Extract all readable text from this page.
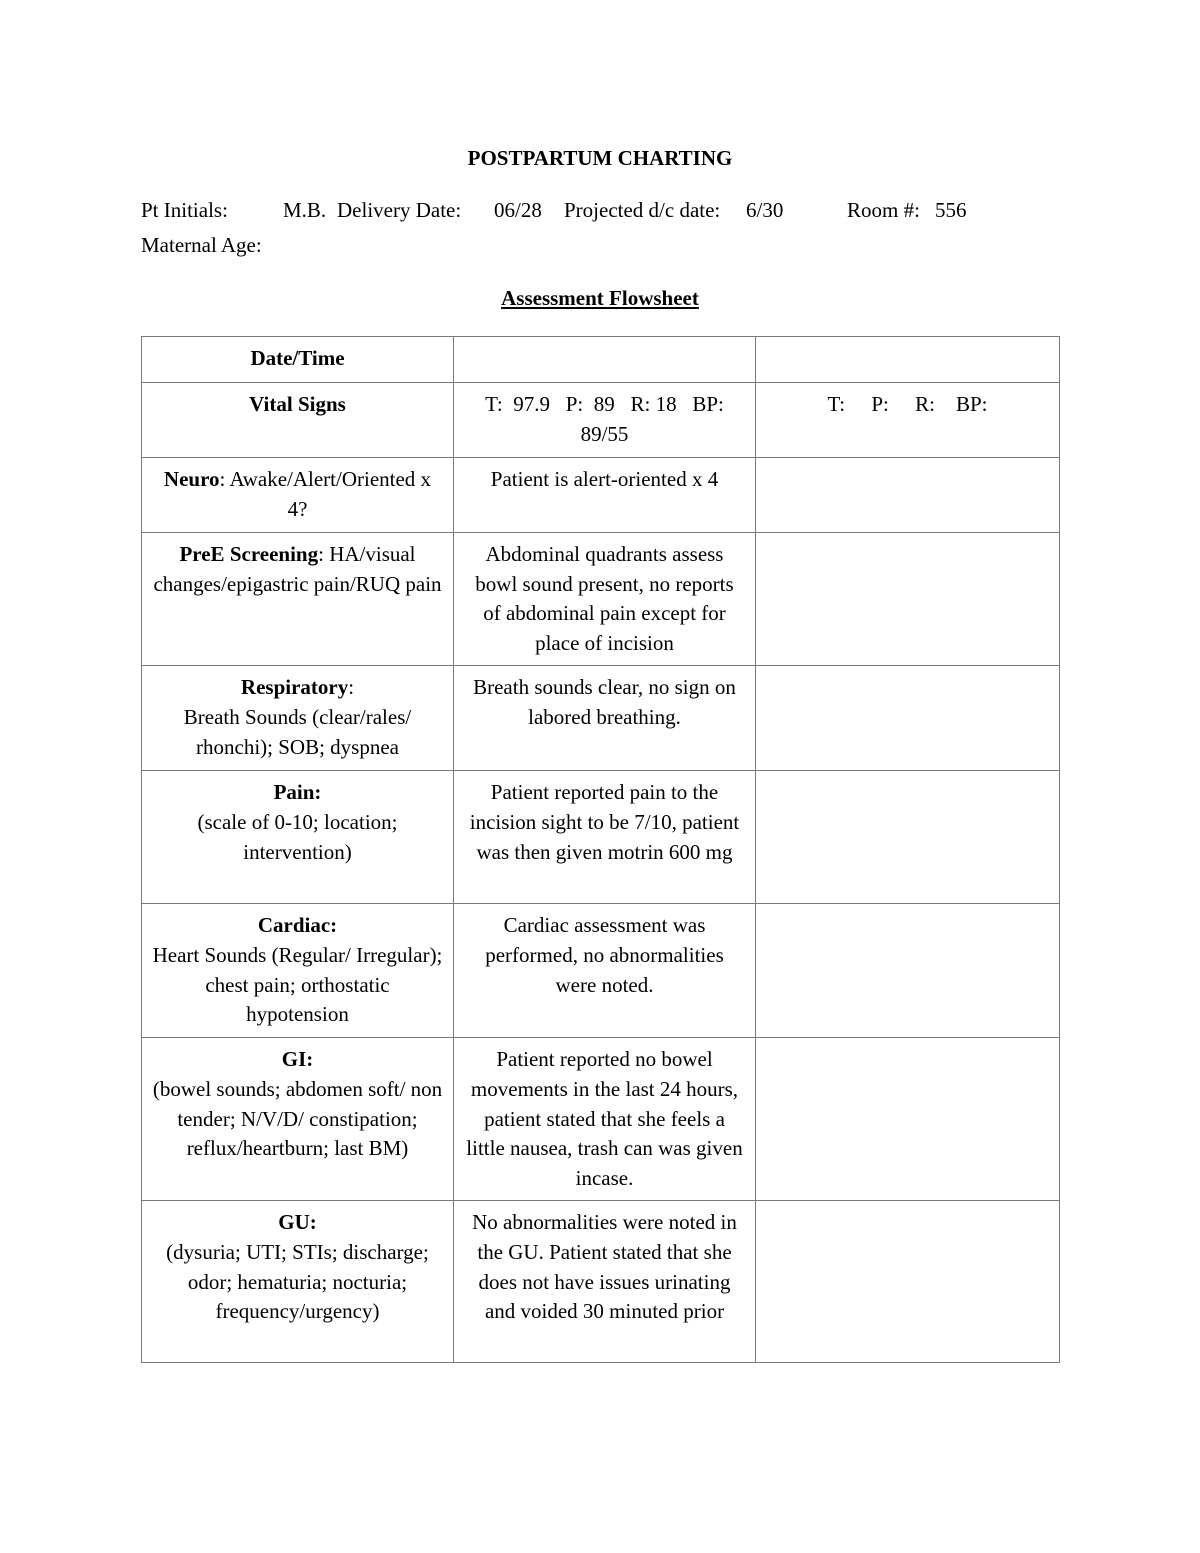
POSTPARTUM CHARTING
Pt Initials:	M.B. Delivery Date: 06/28 Projected d/c date: 6/30	Room #: 556
Maternal Age:
Assessment Flowsheet
Date/Time		
Vital Signs	T:  97.9   P:  89   R: 18   BP: 89/55	T:     P:     R:    BP:
Neuro: Awake/Alert/Oriented x 4?	Patient is alert-oriented x 4	
PreE Screening: HA/visual changes/epigastric pain/RUQ pain	Abdominal quadrants assess bowl sound present, no reports of abdominal pain except for place of incision	
Respiratory:
Breath Sounds (clear/rales/ rhonchi); SOB; dyspnea	Breath sounds clear, no sign on labored breathing.	
Pain:
(scale of 0-10; location; intervention)	Patient reported pain to the incision sight to be 7/10, patient was then given motrin 600 mg	
Cardiac:
Heart Sounds (Regular/ Irregular); chest pain; orthostatic hypotension	Cardiac assessment was performed, no abnormalities were noted.	
GI:
(bowel sounds; abdomen soft/ non tender; N/V/D/ constipation; reflux/heartburn; last BM)	Patient reported no bowel movements in the last 24 hours, patient stated that she feels a little nausea, trash can was given incase.	
GU:
(dysuria; UTI; STIs; discharge; odor; hematuria; nocturia; frequency/urgency)	No abnormalities were noted in the GU. Patient stated that she does not have issues urinating and voided 30 minuted prior	
